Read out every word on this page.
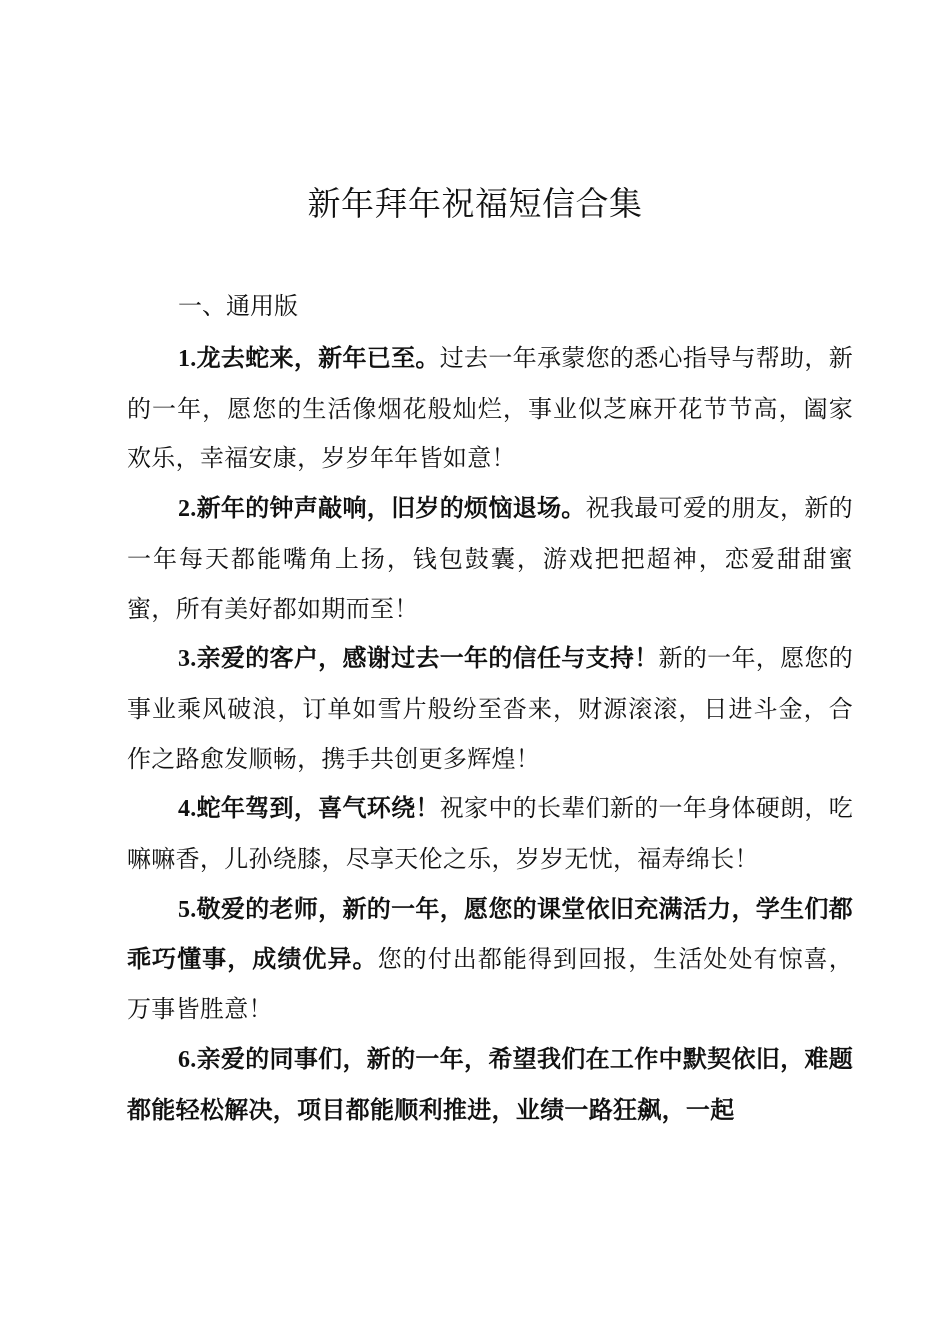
新年拜年祝福短信合集

一、通用版

1.龙去蛇来，新年已至。过去一年承蒙您的悉心指导与帮助，新的一年，愿您的生活像烟花般灿烂，事业似芝麻开花节节高，阖家欢乐，幸福安康，岁岁年年皆如意！

2.新年的钟声敲响，旧岁的烦恼退场。祝我最可爱的朋友，新的一年每天都能嘴角上扬，钱包鼓囊，游戏把把超神，恋爱甜甜蜜蜜，所有美好都如期而至！

3.亲爱的客户，感谢过去一年的信任与支持！新的一年，愿您的事业乘风破浪，订单如雪片般纷至沓来，财源滚滚，日进斗金，合作之路愈发顺畅，携手共创更多辉煌！

4.蛇年驾到，喜气环绕！祝家中的长辈们新的一年身体硬朗，吃嘛嘛香，儿孙绕膝，尽享天伦之乐，岁岁无忧，福寿绵长！

5.敬爱的老师，新的一年，愿您的课堂依旧充满活力，学生们都乖巧懂事，成绩优异。您的付出都能得到回报，生活处处有惊喜，万事皆胜意！

6.亲爱的同事们，新的一年，希望我们在工作中默契依旧，难题都能轻松解决，项目都能顺利推进，业绩一路狂飙，一起
